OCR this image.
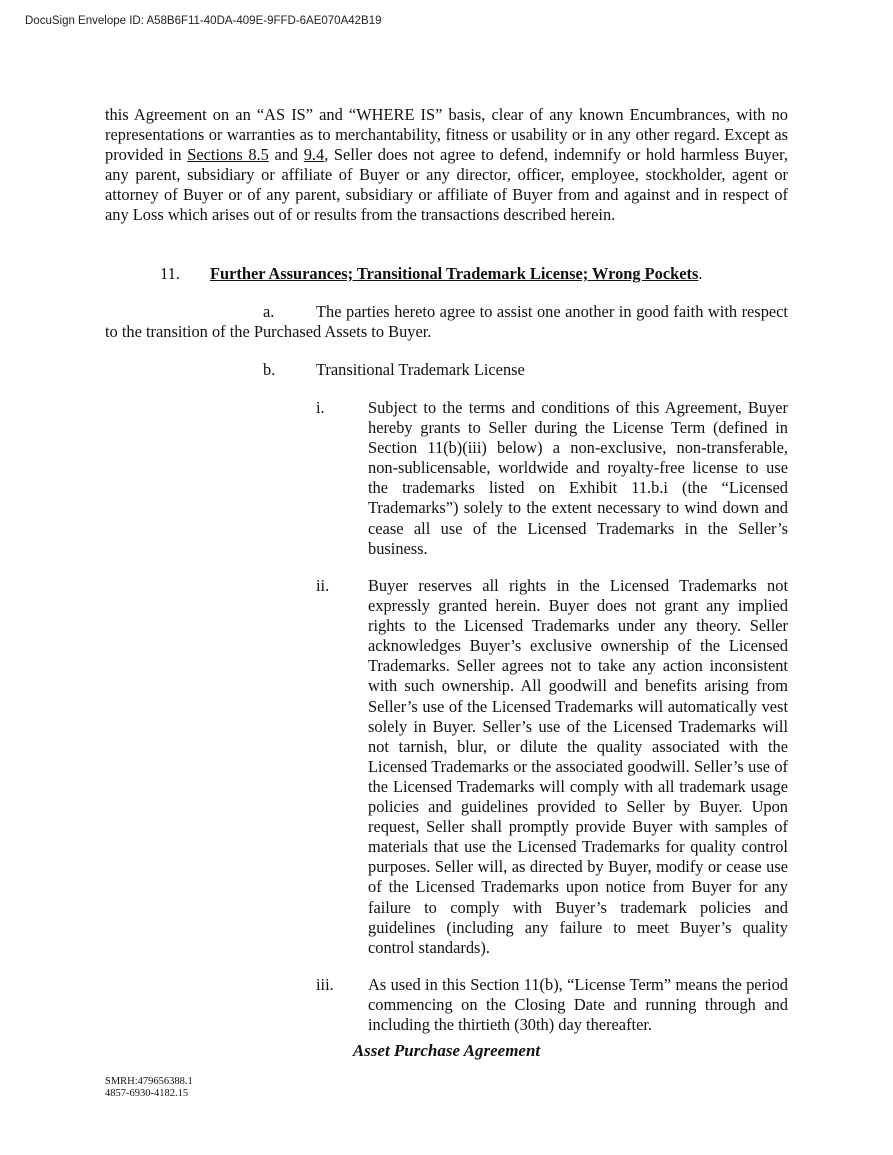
DocuSign Envelope ID: A58B6F11-40DA-409E-9FFD-6AE070A42B19
this Agreement on an “AS IS” and “WHERE IS” basis, clear of any known Encumbrances, with no representations or warranties as to merchantability, fitness or usability or in any other regard. Except as provided in Sections 8.5 and 9.4, Seller does not agree to defend, indemnify or hold harmless Buyer, any parent, subsidiary or affiliate of Buyer or any director, officer, employee, stockholder, agent or attorney of Buyer or of any parent, subsidiary or affiliate of Buyer from and against and in respect of any Loss which arises out of or results from the transactions described herein.
11. Further Assurances; Transitional Trademark License; Wrong Pockets.
a.	The parties hereto agree to assist one another in good faith with respect to the transition of the Purchased Assets to Buyer.
b. Transitional Trademark License
i.	Subject to the terms and conditions of this Agreement, Buyer hereby grants to Seller during the License Term (defined in Section 11(b)(iii) below) a non-exclusive, non-transferable, non-sublicensable, worldwide and royalty-free license to use the trademarks listed on Exhibit 11.b.i (the “Licensed Trademarks”) solely to the extent necessary to wind down and cease all use of the Licensed Trademarks in the Seller’s business.
ii. Buyer reserves all rights in the Licensed Trademarks not expressly granted herein. Buyer does not grant any implied rights to the Licensed Trademarks under any theory. Seller acknowledges Buyer’s exclusive ownership of the Licensed Trademarks. Seller agrees not to take any action inconsistent with such ownership. All goodwill and benefits arising from Seller’s use of the Licensed Trademarks will automatically vest solely in Buyer. Seller’s use of the Licensed Trademarks will not tarnish, blur, or dilute the quality associated with the Licensed Trademarks or the associated goodwill. Seller’s use of the Licensed Trademarks will comply with all trademark usage policies and guidelines provided to Seller by Buyer. Upon request, Seller shall promptly provide Buyer with samples of materials that use the Licensed Trademarks for quality control purposes. Seller will, as directed by Buyer, modify or cease use of the Licensed Trademarks upon notice from Buyer for any failure to comply with Buyer’s trademark policies and guidelines (including any failure to meet Buyer’s quality control standards).
iii. As used in this Section 11(b), “License Term” means the period commencing on the Closing Date and running through and including the thirtieth (30th) day thereafter.
Asset Purchase Agreement
SMRH:479656388.1
4857-6930-4182.15
